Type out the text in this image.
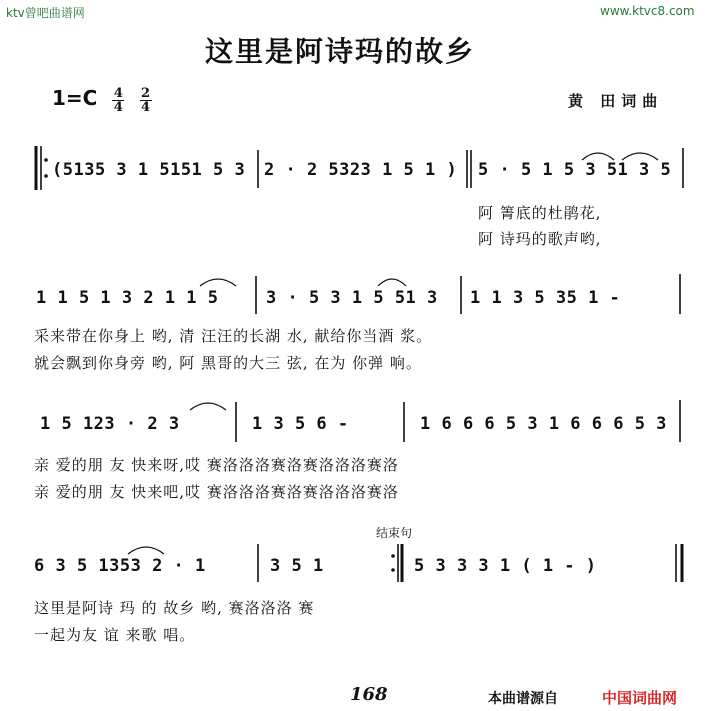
ktv曾吧曲谱网	www.ktvc8.com
这里是阿诗玛的故乡
$1=C \frac{4}{4}$
$\frac{2}{4}$	黄 田词曲
(5135 3 1 5151 5 3 2 · 2 5323 1 5 1 ) 5 · 5 1 5 3 51 3 5
阿 箐底的杜鹃花,
阿 诗玛的歌声哟,
1 1 5 1 3 2 1 1 5	3 · 5 3 1 5 51 3 1 1 3 5 35 1 -
采来带在你身上 哟, 清 汪汪的长湖 水, 献给你当酒 浆。
就会飘到你身旁 哟, 阿 黑哥的大三 弦, 在为 你弹 响。
1 5 123 · 2 3	1 3 5 6 -	1 6 6 6 5 3 1 6 6 6 5 3
亲 爱的朋 友 快来呀,哎 赛洛洛洛赛洛赛洛洛洛赛洛
亲 爱的朋 友 快来吧,哎 赛洛洛洛赛洛赛洛洛洛赛洛
结束句
6 3 5 1353 2 · 1	3 5 1	5 3 3 3 1 ( 1 - )
这里是阿诗 玛 的 故乡 哟, 赛洛洛洛 赛
一起为友 谊 来歌 唱。
168	本曲谱源自	中国词曲网
